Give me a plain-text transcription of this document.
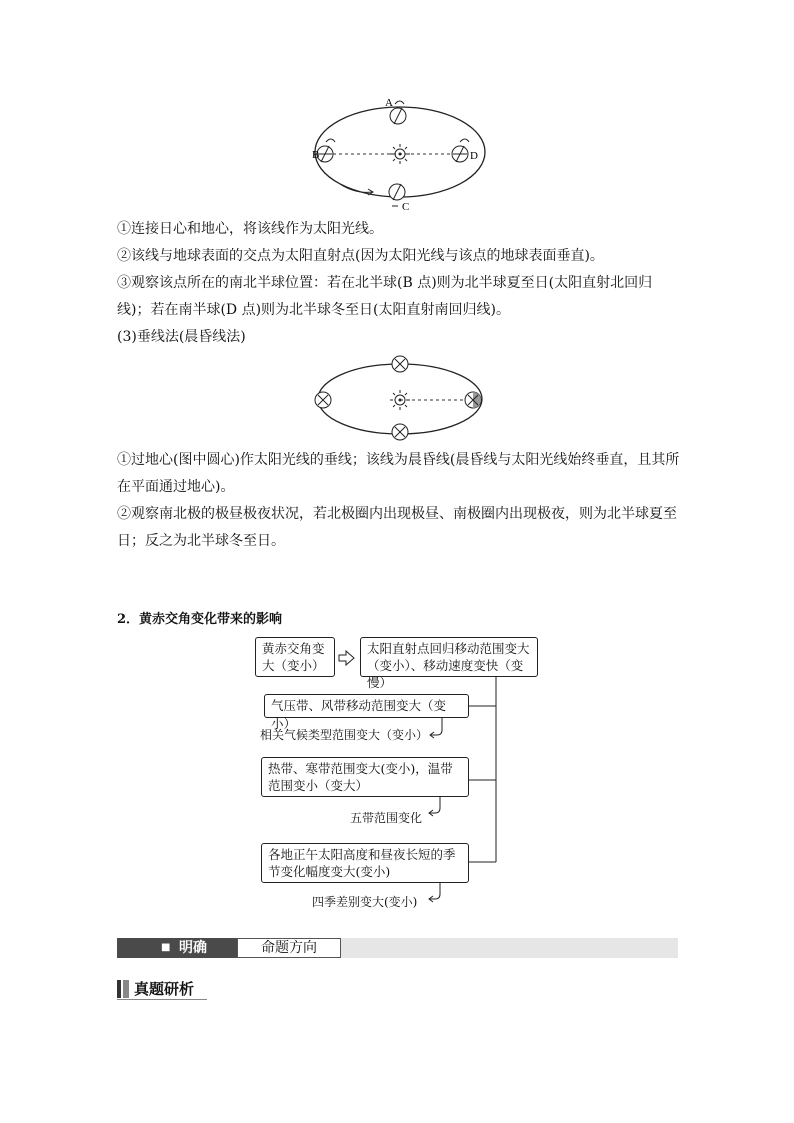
A
B
C
D
①连接日心和地心，将该线作为太阳光线。
②该线与地球表面的交点为太阳直射点(因为太阳光线与该点的地球表面垂直)。
③观察该点所在的南北半球位置：若在北半球(B 点)则为北半球夏至日(太阳直射北回归线)；若在南半球(D 点)则为北半球冬至日(太阳直射南回归线)。
(3)垂线法(晨昏线法)
①过地心(图中圆心)作太阳光线的垂线；该线为晨昏线(晨昏线与太阳光线始终垂直，且其所在平面通过地心)。
②观察南北极的极昼极夜状况，若北极圈内出现极昼、南极圈内出现极夜，则为北半球夏至日；反之为北半球冬至日。
2．黄赤交角变化带来的影响
黄赤交角变大（变小）
太阳直射点回归移动范围变大（变小）、移动速度变快（变慢）
气压带、风带移动范围变大（变小）
相关气候类型范围变大（变小）
热带、寒带范围变大(变小)，温带范围变小（变大）
五带范围变化
各地正午太阳高度和昼夜长短的季节变化幅度变大(变小)
四季差别变大(变小)
■ 明确	命题方向
真题研析
